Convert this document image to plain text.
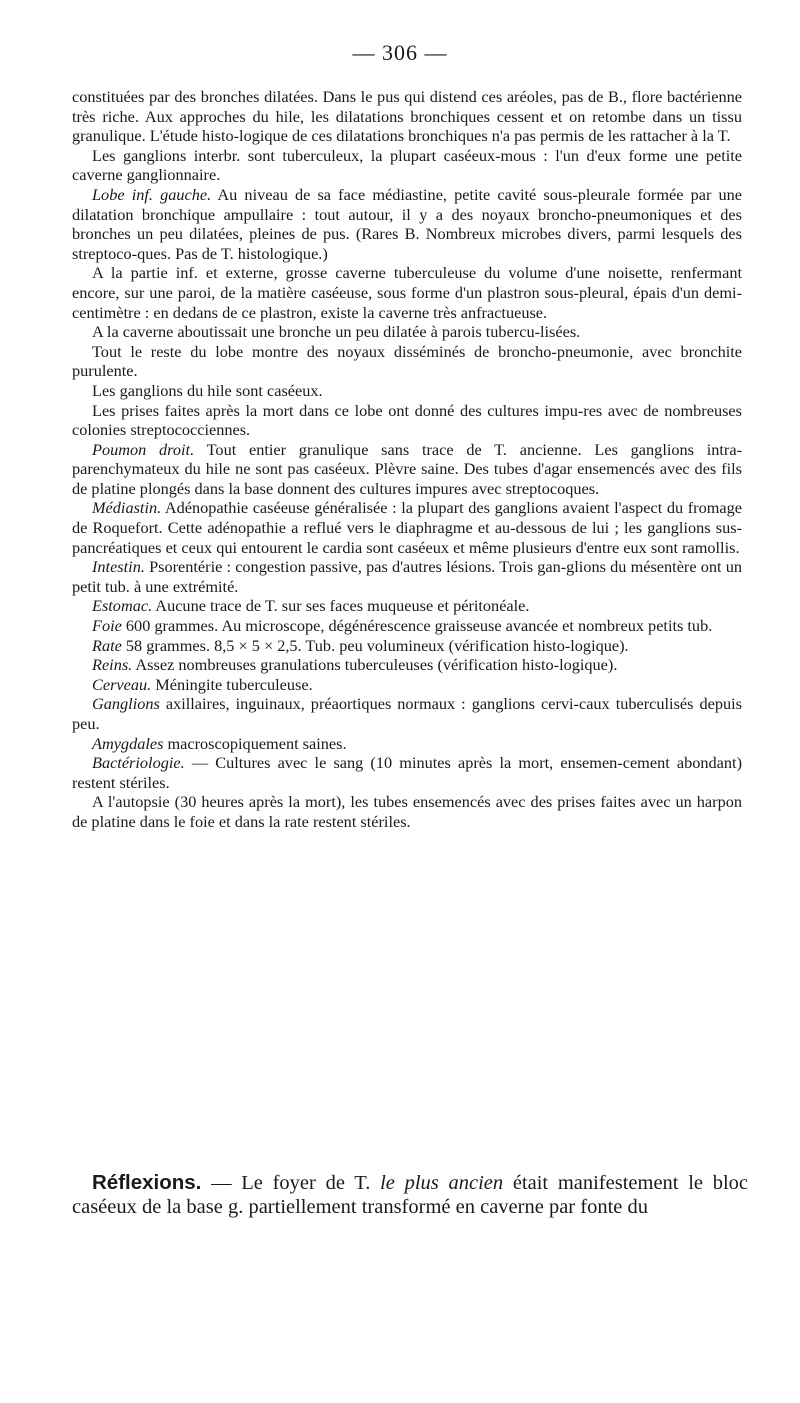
— 306 —

constituées par des bronches dilatées. Dans le pus qui distend ces aréoles, pas de B., flore bactérienne très riche. Aux approches du hile, les dilatations bronchiques cessent et on retombe dans un tissu granulique. L'étude histo-logique de ces dilatations bronchiques n'a pas permis de les rattacher à la T.

Les ganglions interbr. sont tuberculeux, la plupart caséeux-mous : l'un d'eux forme une petite caverne ganglionnaire.

Lobe inf. gauche. Au niveau de sa face médiastine, petite cavité sous-pleurale formée par une dilatation bronchique ampullaire : tout autour, il y a des noyaux broncho-pneumoniques et des bronches un peu dilatées, pleines de pus. (Rares B. Nombreux microbes divers, parmi lesquels des streptoco-ques. Pas de T. histologique.)

A la partie inf. et externe, grosse caverne tuberculeuse du volume d'une noisette, renfermant encore, sur une paroi, de la matière caséeuse, sous forme d'un plastron sous-pleural, épais d'un demi-centimètre : en dedans de ce plastron, existe la caverne très anfractueuse.

A la caverne aboutissait une bronche un peu dilatée à parois tubercu-lisées.

Tout le reste du lobe montre des noyaux disséminés de broncho-pneumonie, avec bronchite purulente.

Les ganglions du hile sont caséeux.

Les prises faites après la mort dans ce lobe ont donné des cultures impu-res avec de nombreuses colonies streptococciennes.

Poumon droit. Tout entier granulique sans trace de T. ancienne. Les ganglions intra-parenchymateux du hile ne sont pas caséeux. Plèvre saine. Des tubes d'agar ensemencés avec des fils de platine plongés dans la base donnent des cultures impures avec streptocoques.

Médiastin. Adénopathie caséeuse généralisée : la plupart des ganglions avaient l'aspect du fromage de Roquefort. Cette adénopathie a reflué vers le diaphragme et au-dessous de lui ; les ganglions sus-pancréatiques et ceux qui entourent le cardia sont caséeux et même plusieurs d'entre eux sont ramollis.

Intestin. Psorentérie : congestion passive, pas d'autres lésions. Trois gan-glions du mésentère ont un petit tub. à une extrémité.

Estomac. Aucune trace de T. sur ses faces muqueuse et péritonéale.

Foie 600 grammes. Au microscope, dégénérescence graisseuse avancée et nombreux petits tub.

Rate 58 grammes. 8,5 × 5 × 2,5. Tub. peu volumineux (vérification histo-logique).

Reins. Assez nombreuses granulations tuberculeuses (vérification histo-logique).

Cerveau. Méningite tuberculeuse.

Ganglions axillaires, inguinaux, préaortiques normaux : ganglions cervi-caux tuberculisés depuis peu.

Amygdales macroscopiquement saines.

Bactériologie. — Cultures avec le sang (10 minutes après la mort, ensemen-cement abondant) restent stériles.

A l'autopsie (30 heures après la mort), les tubes ensemencés avec des prises faites avec un harpon de platine dans le foie et dans la rate restent stériles.

Réflexions. — Le foyer de T. le plus ancien était manifestement le bloc caséeux de la base g. partiellement transformé en caverne par fonte du
